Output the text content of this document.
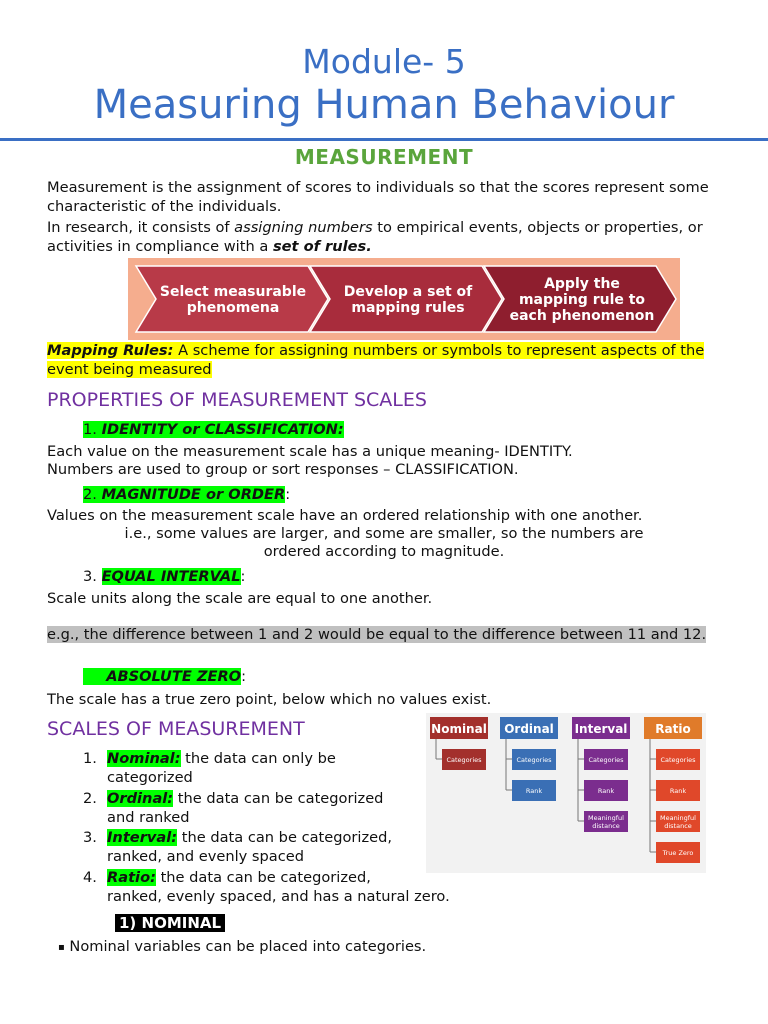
Module- 5
Measuring Human Behaviour
MEASUREMENT
Measurement is the assignment of scores to individuals so that the scores represent some characteristic of the individuals.
In research, it consists of assigning numbers to empirical events, objects or properties, or activities in compliance with a set of rules.
Select measurable phenomena
Develop a set of mapping rules
Apply the mapping rule to each phenomenon
Mapping Rules: A scheme for assigning numbers or symbols to represent aspects of the event being measured
PROPERTIES OF MEASUREMENT SCALES
1. IDENTITY or CLASSIFICATION:
Each value on the measurement scale has a unique meaning- IDENTITY.
Numbers are used to group or sort responses – CLASSIFICATION.
2. MAGNITUDE or ORDER:
Values on the measurement scale have an ordered relationship with one another.
i.e., some values are larger, and some are smaller, so the numbers are
ordered according to magnitude.
3. EQUAL INTERVAL:
Scale units along the scale are equal to one another.
e.g., the difference between 1 and 2 would be equal to the difference between 11 and 12.
ABSOLUTE ZERO:
The scale has a true zero point, below which no values exist.
SCALES OF MEASUREMENT
1. Nominal: the data can only be
categorized
2. Ordinal: the data can be categorized
and ranked
3. Interval: the data can be categorized,
ranked, and evenly spaced
4. Ratio: the data can be categorized,
ranked, evenly spaced, and has a natural zero.
Nominal
Categories
Ordinal
Categories
Rank
Interval
Categories
Rank
Meaningful
distance
Ratio
Categories
Rank
Meaningful
distance
True Zero
1) NOMINAL
▪ Nominal variables can be placed into categories.
